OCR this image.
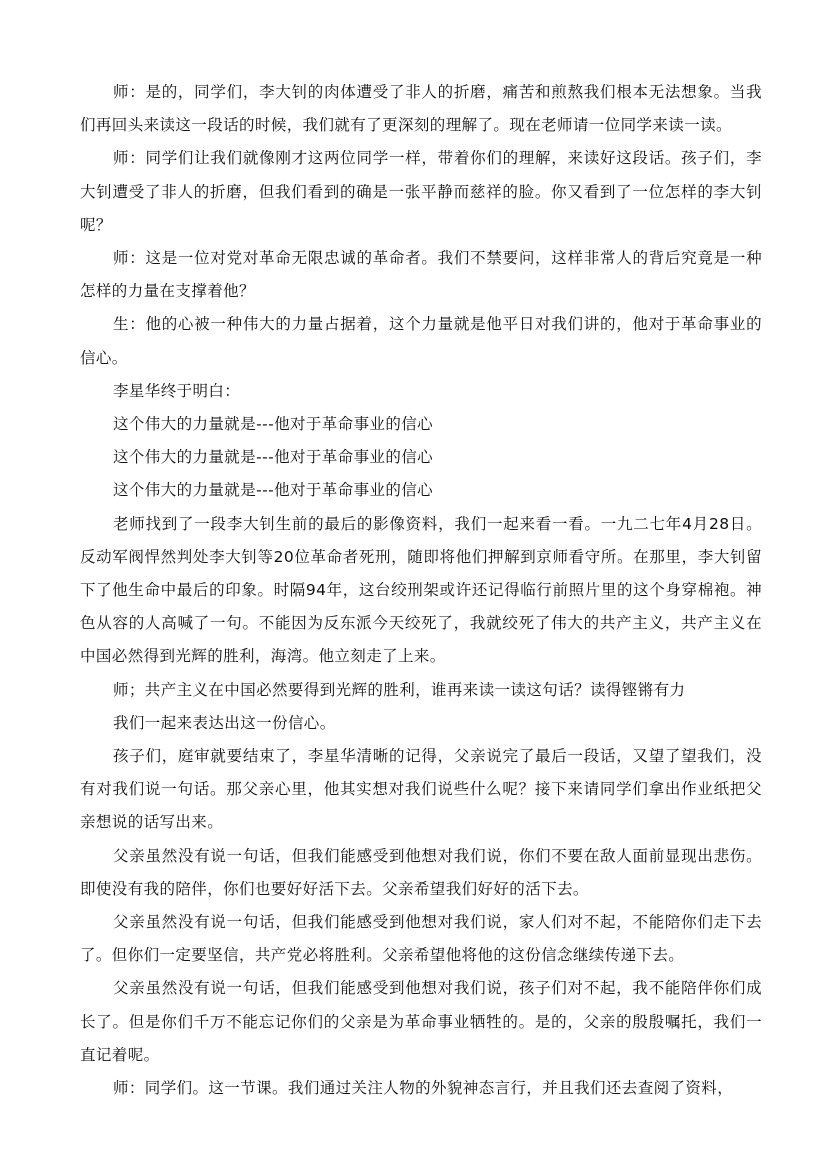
师：是的，同学们，李大钊的肉体遭受了非人的折磨，痛苦和煎熬我们根本无法想象。当我们再回头来读这一段话的时候，我们就有了更深刻的理解了。现在老师请一位同学来读一读。

师：同学们让我们就像刚才这两位同学一样，带着你们的理解，来读好这段话。孩子们，李大钊遭受了非人的折磨，但我们看到的确是一张平静而慈祥的脸。你又看到了一位怎样的李大钊呢？

师：这是一位对党对革命无限忠诚的革命者。我们不禁要问，这样非常人的背后究竟是一种怎样的力量在支撑着他？

生：他的心被一种伟大的力量占据着，这个力量就是他平日对我们讲的，他对于革命事业的信心。

李星华终于明白：

这个伟大的力量就是---他对于革命事业的信心

这个伟大的力量就是---他对于革命事业的信心

这个伟大的力量就是---他对于革命事业的信心

老师找到了一段李大钊生前的最后的影像资料，我们一起来看一看。一九二七年4月28日。反动军阀悍然判处李大钊等20位革命者死刑，随即将他们押解到京师看守所。在那里，李大钊留下了他生命中最后的印象。时隔94年，这台绞刑架或许还记得临行前照片里的这个身穿棉袍。神色从容的人高喊了一句。不能因为反东派今天绞死了，我就绞死了伟大的共产主义，共产主义在中国必然得到光辉的胜利，海湾。他立刻走了上来。

师；共产主义在中国必然要得到光辉的胜利，谁再来读一读这句话？读得铿锵有力

我们一起来表达出这一份信心。

孩子们，庭审就要结束了，李星华清晰的记得，父亲说完了最后一段话，又望了望我们，没有对我们说一句话。那父亲心里，他其实想对我们说些什么呢？接下来请同学们拿出作业纸把父亲想说的话写出来。

父亲虽然没有说一句话，但我们能感受到他想对我们说，你们不要在敌人面前显现出悲伤。即使没有我的陪伴，你们也要好好活下去。父亲希望我们好好的活下去。

父亲虽然没有说一句话，但我们能感受到他想对我们说，家人们对不起，不能陪你们走下去了。但你们一定要坚信，共产党必将胜利。父亲希望他将他的这份信念继续传递下去。

父亲虽然没有说一句话，但我们能感受到他想对我们说，孩子们对不起，我不能陪伴你们成长了。但是你们千万不能忘记你们的父亲是为革命事业牺牲的。是的，父亲的殷殷嘱托，我们一直记着呢。

师：同学们。这一节课。我们通过关注人物的外貌神态言行，并且我们还去查阅了资料，
